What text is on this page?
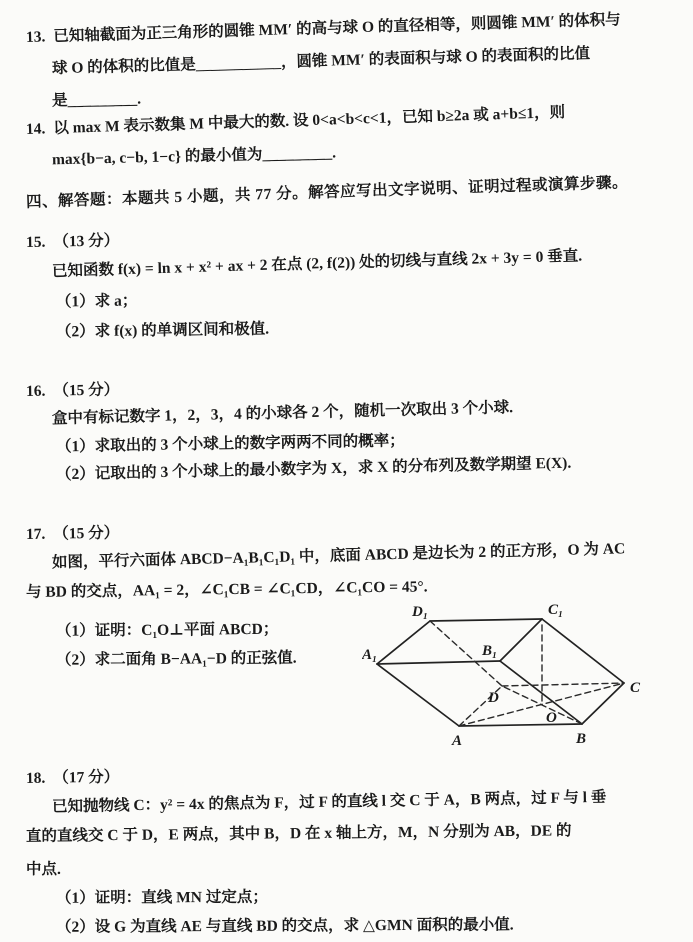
13. 已知轴截面为正三角形的圆锥 MM′ 的高与球 O 的直径相等，则圆锥 MM′ 的体积与
球 O 的体积的比值是___________，圆锥 MM′ 的表面积与球 O 的表面积的比值
是_________.
14. 以 max M 表示数集 M 中最大的数. 设 0<a<b<c<1，已知 b≥2a 或 a+b≤1，则
max{b−a, c−b, 1−c} 的最小值为_________.
四、解答题：本题共 5 小题，共 77 分。解答应写出文字说明、证明过程或演算步骤。
15. （13 分）
已知函数 f(x) = ln x + x² + ax + 2 在点 (2, f(2)) 处的切线与直线 2x + 3y = 0 垂直.
（1）求 a；
（2）求 f(x) 的单调区间和极值.
16. （15 分）
盒中有标记数字 1，2，3，4 的小球各 2 个，随机一次取出 3 个小球.
（1）求取出的 3 个小球上的数字两两不同的概率；
（2）记取出的 3 个小球上的最小数字为 X，求 X 的分布列及数学期望 E(X).
17. （15 分）
如图，平行六面体 ABCD−A₁B₁C₁D₁ 中，底面 ABCD 是边长为 2 的正方形，O 为 AC
与 BD 的交点，AA₁ = 2，∠C₁CB = ∠C₁CD，∠C₁CO = 45°.
（1）证明：C₁O⊥平面 ABCD；
（2）求二面角 B−AA₁−D 的正弦值.
D₁	C₁
A₁	B₁
D
C
O
A	B
18. （17 分）
已知抛物线 C：y² = 4x 的焦点为 F，过 F 的直线 l 交 C 于 A，B 两点，过 F 与 l 垂
直的直线交 C 于 D，E 两点，其中 B，D 在 x 轴上方，M，N 分别为 AB，DE 的
中点.
（1）证明：直线 MN 过定点；
（2）设 G 为直线 AE 与直线 BD 的交点，求 △GMN 面积的最小值.
